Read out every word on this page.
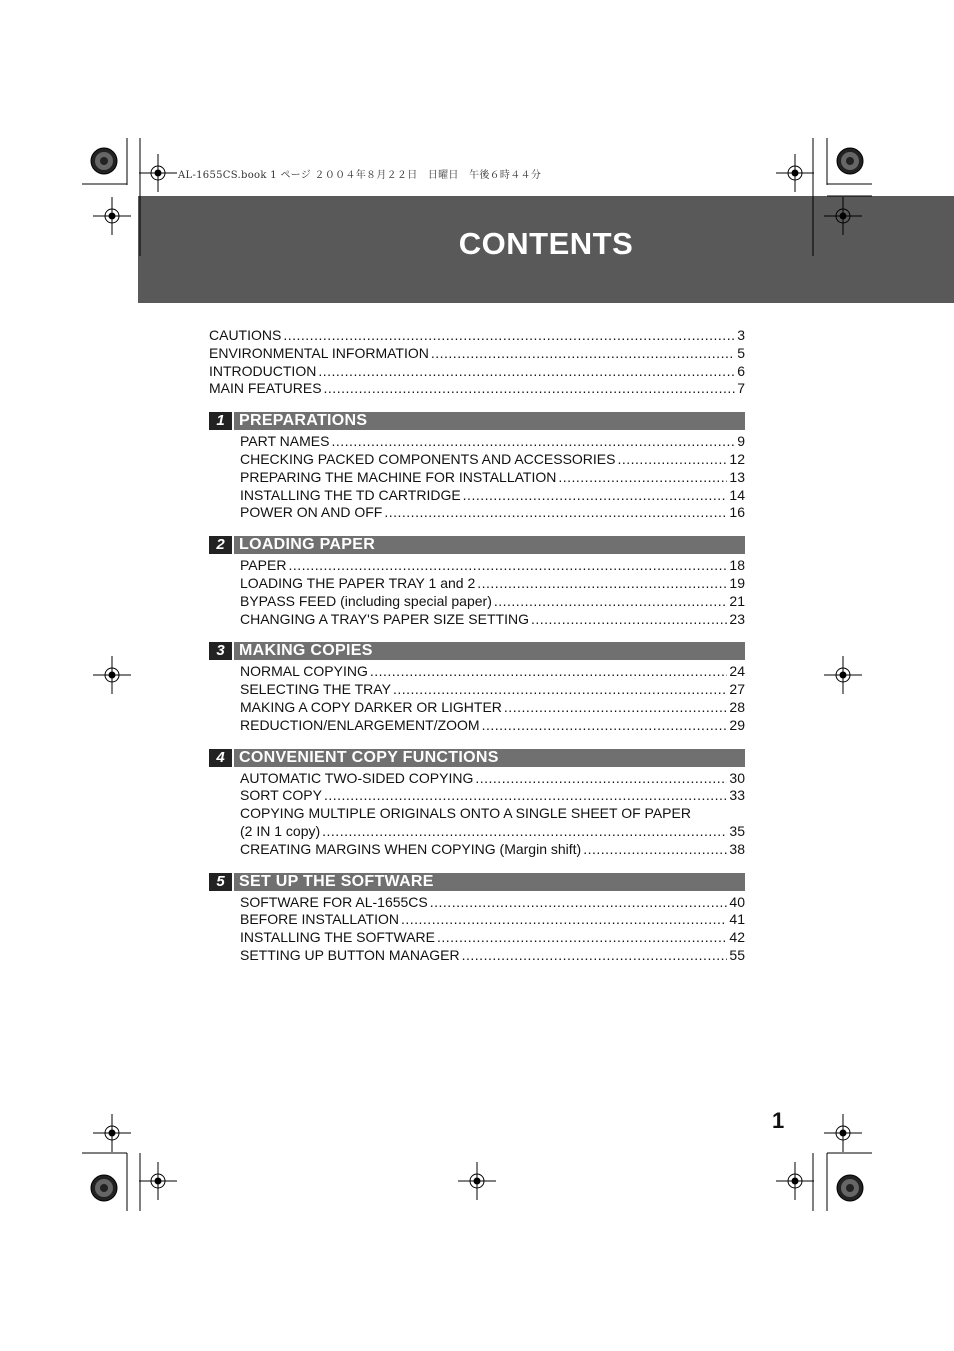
AL-1655CS.book 1 ページ ２００４年８月２２日　日曜日　午後６時４４分
CONTENTS
CAUTIONS .....	3
ENVIRONMENTAL INFORMATION .....	5
INTRODUCTION .....	6
MAIN FEATURES .....	7
1 PREPARATIONS
PART NAMES .....	9
CHECKING PACKED COMPONENTS AND ACCESSORIES .....	12
PREPARING THE MACHINE FOR INSTALLATION .....	13
INSTALLING THE TD CARTRIDGE .....	14
POWER ON AND OFF .....	16
2 LOADING PAPER
PAPER .....	18
LOADING THE PAPER TRAY 1 and 2 .....	19
BYPASS FEED (including special paper) .....	21
CHANGING A TRAY'S PAPER SIZE SETTING .....	23
3 MAKING COPIES
NORMAL COPYING .....	24
SELECTING THE TRAY .....	27
MAKING A COPY DARKER OR LIGHTER .....	28
REDUCTION/ENLARGEMENT/ZOOM .....	29
4 CONVENIENT COPY FUNCTIONS
AUTOMATIC TWO-SIDED COPYING .....	30
SORT COPY .....	33
COPYING MULTIPLE ORIGINALS ONTO A SINGLE SHEET OF PAPER
(2 IN 1 copy) .....	35
CREATING MARGINS WHEN COPYING (Margin shift) .....	38
5 SET UP THE SOFTWARE
SOFTWARE FOR AL-1655CS .....	40
BEFORE INSTALLATION .....	41
INSTALLING THE SOFTWARE .....	42
SETTING UP BUTTON MANAGER .....	55
1
